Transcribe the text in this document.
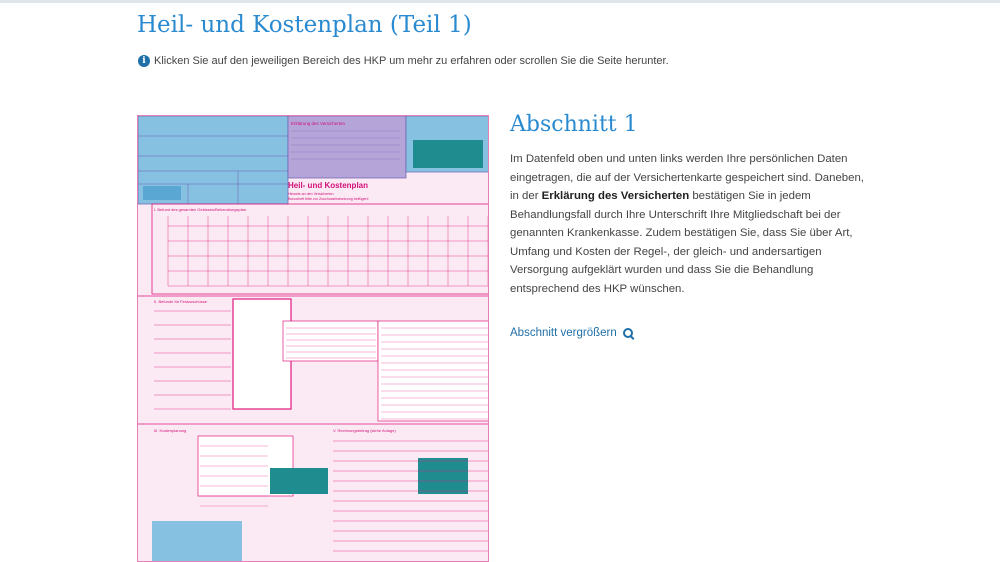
Heil- und Kostenplan (Teil 1)
i Klicken Sie auf den jeweiligen Bereich des HKP um mehr zu erfahren oder scrollen Sie die Seite herunter.
Erklärung des Versicherten
Heil- und Kostenplan
Hinweis an den Versicherten
Bonusheft bitte zur Zuschussfestsetzung beifügen!
I. Befund des gesamten Gebisses/Behandlungsplan
II. Befunde für Festzuschüsse
III. Kostenplanung	V. Rechnungsbetrag (siehe Anlage)
Abschnitt 1

Im Datenfeld oben und unten links werden Ihre persönlichen Daten eingetragen, die auf der Versichertenkarte gespeichert sind. Daneben, in der Erklärung des Versicherten bestätigen Sie in jedem Behandlungsfall durch Ihre Unterschrift Ihre Mitgliedschaft bei der genannten Krankenkasse. Zudem bestätigen Sie, dass Sie über Art, Umfang und Kosten der Regel-, der gleich- und andersartigen Versorgung aufgeklärt wurden und dass Sie die Behandlung entsprechend des HKP wünschen.

Abschnitt vergrößern
